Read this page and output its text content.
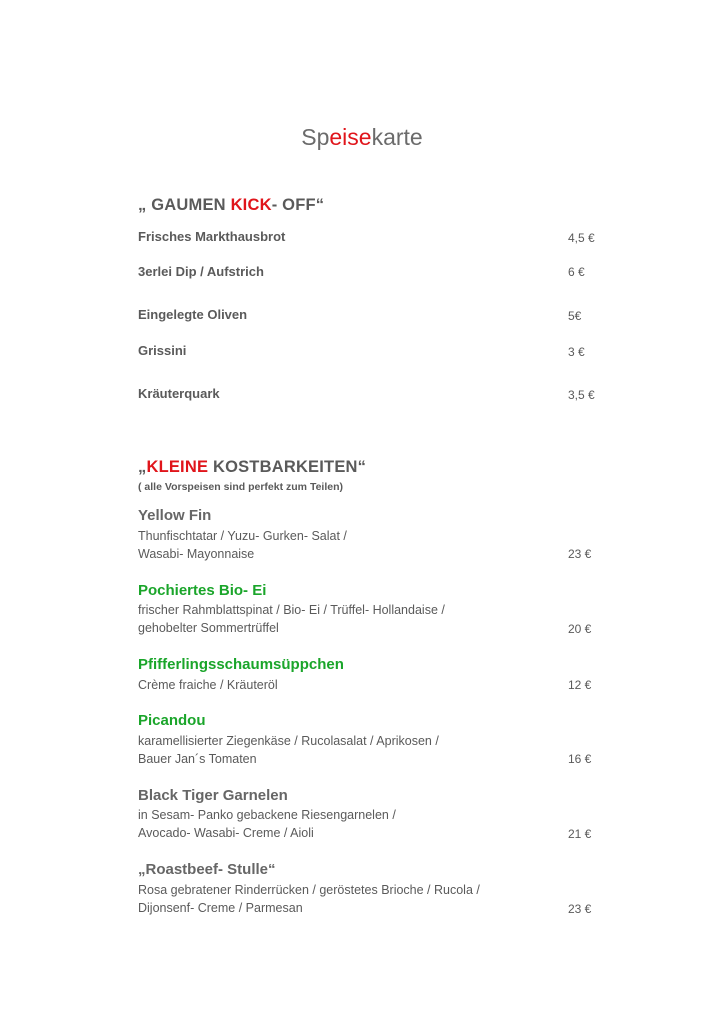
Speisekarte
„ GAUMEN KICK- OFF“
Frisches Markthausbrot	4,5 €
3erlei Dip / Aufstrich	6 €
Eingelegte Oliven	5€
Grissini	3 €
Kräuterquark	3,5 €
„KLEINE KOSTBARKEITEN“
( alle Vorspeisen sind perfekt zum Teilen)
Yellow Fin
Thunfischtatar / Yuzu- Gurken- Salat /
Wasabi- Mayonnaise	23 €
Pochiertes Bio- Ei
frischer Rahmblattspinat / Bio- Ei / Trüffel- Hollandaise /
gehobelter Sommertrüffel	20 €
Pfifferlingsschaumsüppchen
Crème fraiche / Kräuteröl	12 €
Picandou
karamellisierter Ziegenkäse / Rucolasalat / Aprikosen /
Bauer Jan´s Tomaten	16 €
Black Tiger Garnelen
in Sesam- Panko gebackene Riesengarnelen /
Avocado- Wasabi- Creme / Aioli	21 €
„Roastbeef- Stulle“
Rosa gebratener Rinderrücken / geröstetes Brioche / Rucola /
Dijonsenf- Creme / Parmesan	23 €
